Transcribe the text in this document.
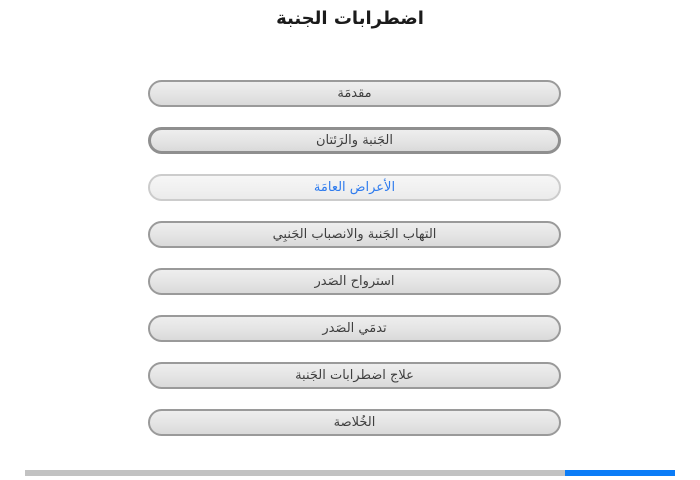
اضطرابات الجنبة
مقدمَة
الجَنبة والرَئتان
الأعراض العامَة
التهاب الجَنبة والانصباب الجَنبِي
استرواح الصَدر
تدمَي الصَدر
علاج اضطرابات الجَنبة
الخُلاصة
